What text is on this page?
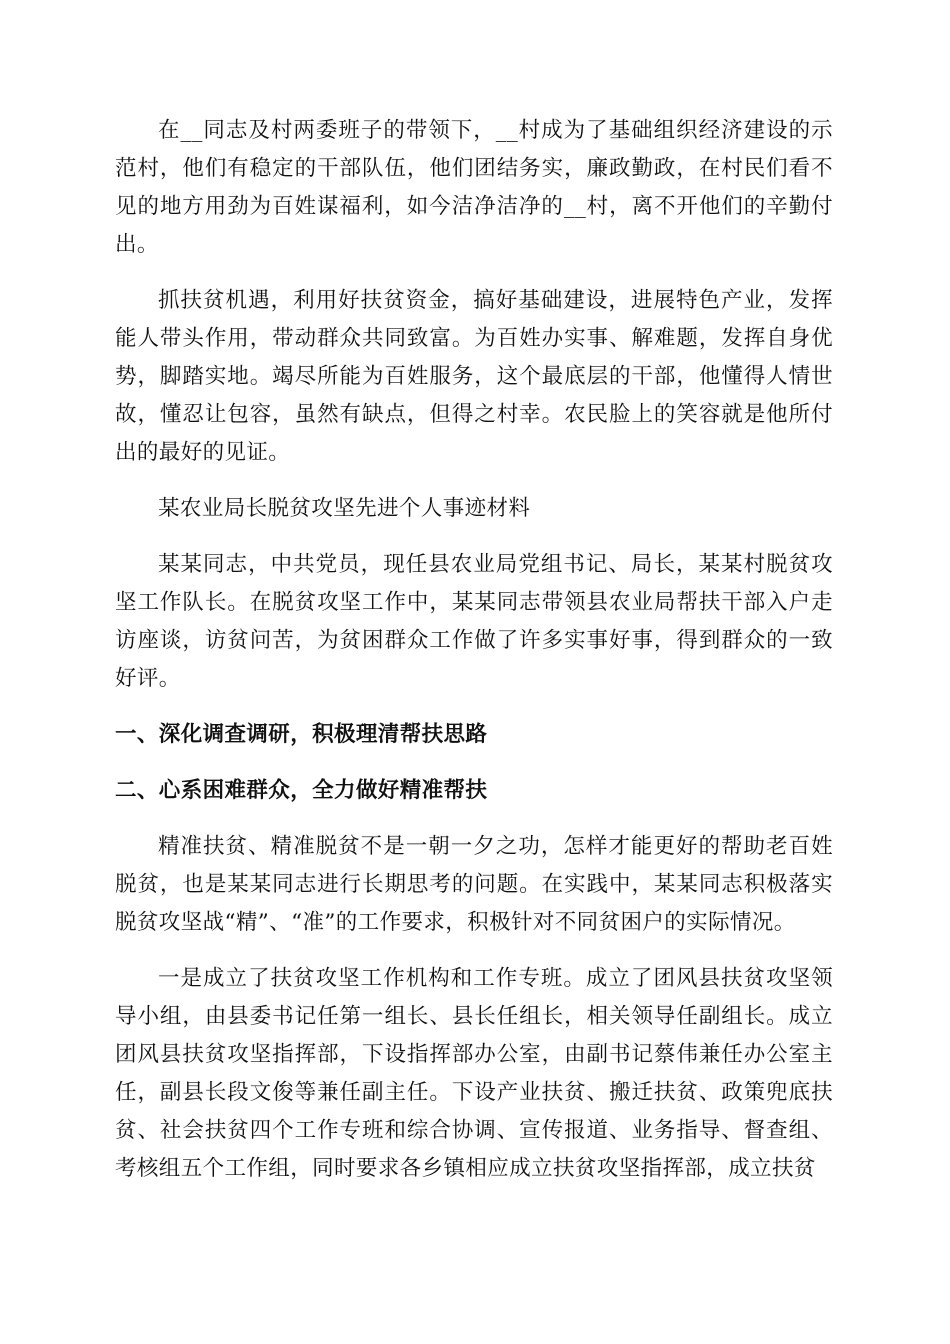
在__同志及村两委班子的带领下，__村成为了基础组织经济建设的示范村，他们有稳定的干部队伍，他们团结务实，廉政勤政，在村民们看不见的地方用劲为百姓谋福利，如今洁净洁净的__村，离不开他们的辛勤付出。

抓扶贫机遇，利用好扶贫资金，搞好基础建设，进展特色产业，发挥能人带头作用，带动群众共同致富。为百姓办实事、解难题，发挥自身优势，脚踏实地。竭尽所能为百姓服务，这个最底层的干部，他懂得人情世故，懂忍让包容，虽然有缺点，但得之村幸。农民脸上的笑容就是他所付出的最好的见证。

某农业局长脱贫攻坚先进个人事迹材料

某某同志，中共党员，现任县农业局党组书记、局长，某某村脱贫攻坚工作队长。在脱贫攻坚工作中，某某同志带领县农业局帮扶干部入户走访座谈，访贫问苦，为贫困群众工作做了许多实事好事，得到群众的一致好评。

一、深化调查调研，积极理清帮扶思路

二、心系困难群众，全力做好精准帮扶

精准扶贫、精准脱贫不是一朝一夕之功，怎样才能更好的帮助老百姓脱贫，也是某某同志进行长期思考的问题。在实践中，某某同志积极落实脱贫攻坚战“精”、“准”的工作要求，积极针对不同贫困户的实际情况。

一是成立了扶贫攻坚工作机构和工作专班。成立了团风县扶贫攻坚领导小组，由县委书记任第一组长、县长任组长，相关领导任副组长。成立团风县扶贫攻坚指挥部，下设指挥部办公室，由副书记蔡伟兼任办公室主任，副县长段文俊等兼任副主任。下设产业扶贫、搬迁扶贫、政策兜底扶贫、社会扶贫四个工作专班和综合协调、宣传报道、业务指导、督查组、考核组五个工作组，同时要求各乡镇相应成立扶贫攻坚指挥部，成立扶贫
